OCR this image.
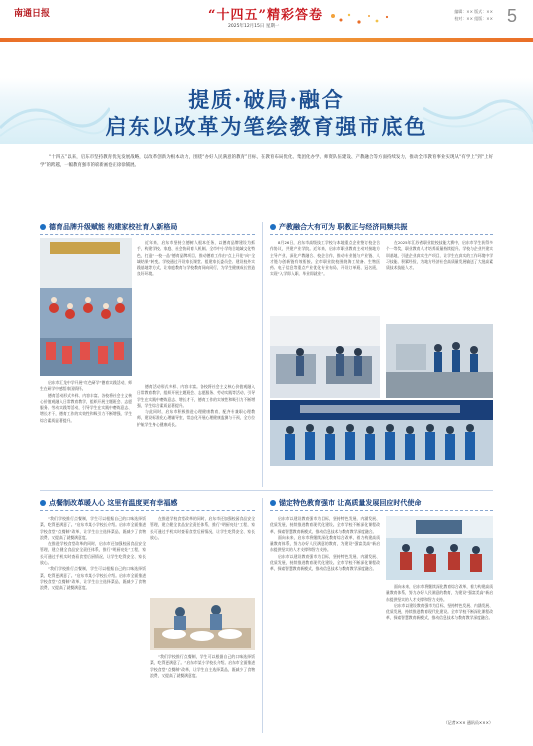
南通日报	“十四五”精彩答卷
2025年12月15日 星期一
编辑：×× 版式：××
校对：×× 组版：×× 5
提质·破局·融合
启东以改革为笔绘教育强市底色
“十四五”以来，启东市坚持教育优先发展战略，以改革创新为根本动力，围绕“办好人民满意的教育”目标，在教育布局优化、集团化办学、师资队伍建设、产教融合等方面持续发力，推动全市教育事业实现从“有学上”到“上好学”的跨越，一幅教育强市的崭新画卷正徐徐铺展。
德育品牌升级赋能 构建家校社育人新格局

近年来，启东市坚持立德树人根本任务，以德育品牌建设为抓手，构建学校、家庭、社会协同育人机制。全市中小学结合地域文化特色，打造“一校一品”德育品牌项目，推动德育工作由“点上开花”向“全域结果”转变。学校通过开设家长课堂、组建家长委员会、建设校外实践基地等方式，让家庭教育与学校教育同向同行，为学生健康成长营造良好环境。

启东市汇龙中学开展“红色研学”德育实践活动，师生在研学中感悟家国情怀。

德育活动形式多样、内容丰富。各校将社会主义核心价值观融入日常教育教学，组织开展主题班会、志愿服务、劳动实践等活动，引导学生在实践中磨炼意志、增长才干，德育工作的实效性和吸引力不断增强，学生综合素质显著提升。

德育活动形式多样、内容丰富。各校将社会主义核心价值观融入日常教育教学，组织开展主题班会、志愿服务、劳动实践等活动，引导学生在实践中磨炼意志、增长才干，德育工作的实效性和吸引力不断增强，学生综合素质显著提升。

与此同时，启东市积极推进心理健康教育，配齐专兼职心理教师，建设标准化心理辅导室，常态化开展心理健康监测与干预，全方位护航学生身心健康成长。

产教融合大有可为 职教正与经济同频共振

8月26日，启东市高级技工学校与本地重点企业签订校企合作协议，共建产业学院。近年来，启东市职业教育主动对接地方主导产业，深化产教融合、校企合作，推动专业链与产业链、人才链与创新链有效衔接。全市职业院校围绕海工装备、生物医药、电子信息等重点产业优化专业布局，开设订单班、冠名班，实现“入学即入职、毕业即就业”。

在2025年江苏省职业院校技能大赛中，启东市学生获得多个一等奖，职业教育人才培养质量持续提升。学校与企业共建实训基地，引进企业真实生产项目，让学生在真实的工作环境中学习技能、积累经验，为地方经济社会高质量发展输送了大批高素质技术技能人才。

点餐制改革暖人心 这里有温度更有幸福感

“我们学校推行点餐制，学生可以根据自己的口味选择饭菜，吃得更满意了。”启东市某小学校长介绍。启东市全面推进学校食堂“点餐制”改革，让学生自主选择菜品，既减少了食物浪费，又提高了就餐满意度。

在推进学校食堂改革的同时，启东市还加强校园食品安全管理，建立健全食品安全责任体系，推行“明厨亮灶”工程，家长可通过手机实时查看食堂后厨情况，让学生吃得安全、家长放心。

“我们学校推行点餐制，学生可以根据自己的口味选择饭菜，吃得更满意了。”启东市某小学校长介绍。启东市全面推进学校食堂“点餐制”改革，让学生自主选择菜品，既减少了食物浪费，又提高了就餐满意度。

在推进学校食堂改革的同时，启东市还加强校园食品安全管理，建立健全食品安全责任体系，推行“明厨亮灶”工程，家长可通过手机实时查看食堂后厨情况，让学生吃得安全、家长放心。

“我们学校推行点餐制，学生可以根据自己的口味选择饭菜，吃得更满意了。”启东市某小学校长介绍。启东市全面推进学校食堂“点餐制”改革，让学生自主选择菜品，既减少了食物浪费，又提高了就餐满意度。

锚定特色教育强市 让高质量发展回应时代使命

启东市以建设教育强市为目标，坚持特色发展、内涵发展、优质发展，持续推进教育现代化建设。全市学校不断深化课程改革，探索智慧教育新模式，推动信息技术与教育教学深度融合。

面向未来，启东市将继续深化教育综合改革，着力构建高质量教育体系，努力办好人民满意的教育，为建设“强富美高”新启东提供坚实的人才支撑和智力支持。

启东市以建设教育强市为目标，坚持特色发展、内涵发展、优质发展，持续推进教育现代化建设。全市学校不断深化课程改革，探索智慧教育新模式，推动信息技术与教育教学深度融合。

面向未来，启东市将继续深化教育综合改革，着力构建高质量教育体系，努力办好人民满意的教育，为建设“强富美高”新启东提供坚实的人才支撑和智力支持。

启东市以建设教育强市为目标，坚持特色发展、内涵发展、优质发展，持续推进教育现代化建设。全市学校不断深化课程改革，探索智慧教育新模式，推动信息技术与教育教学深度融合。

（记者××× 通讯员×××）
